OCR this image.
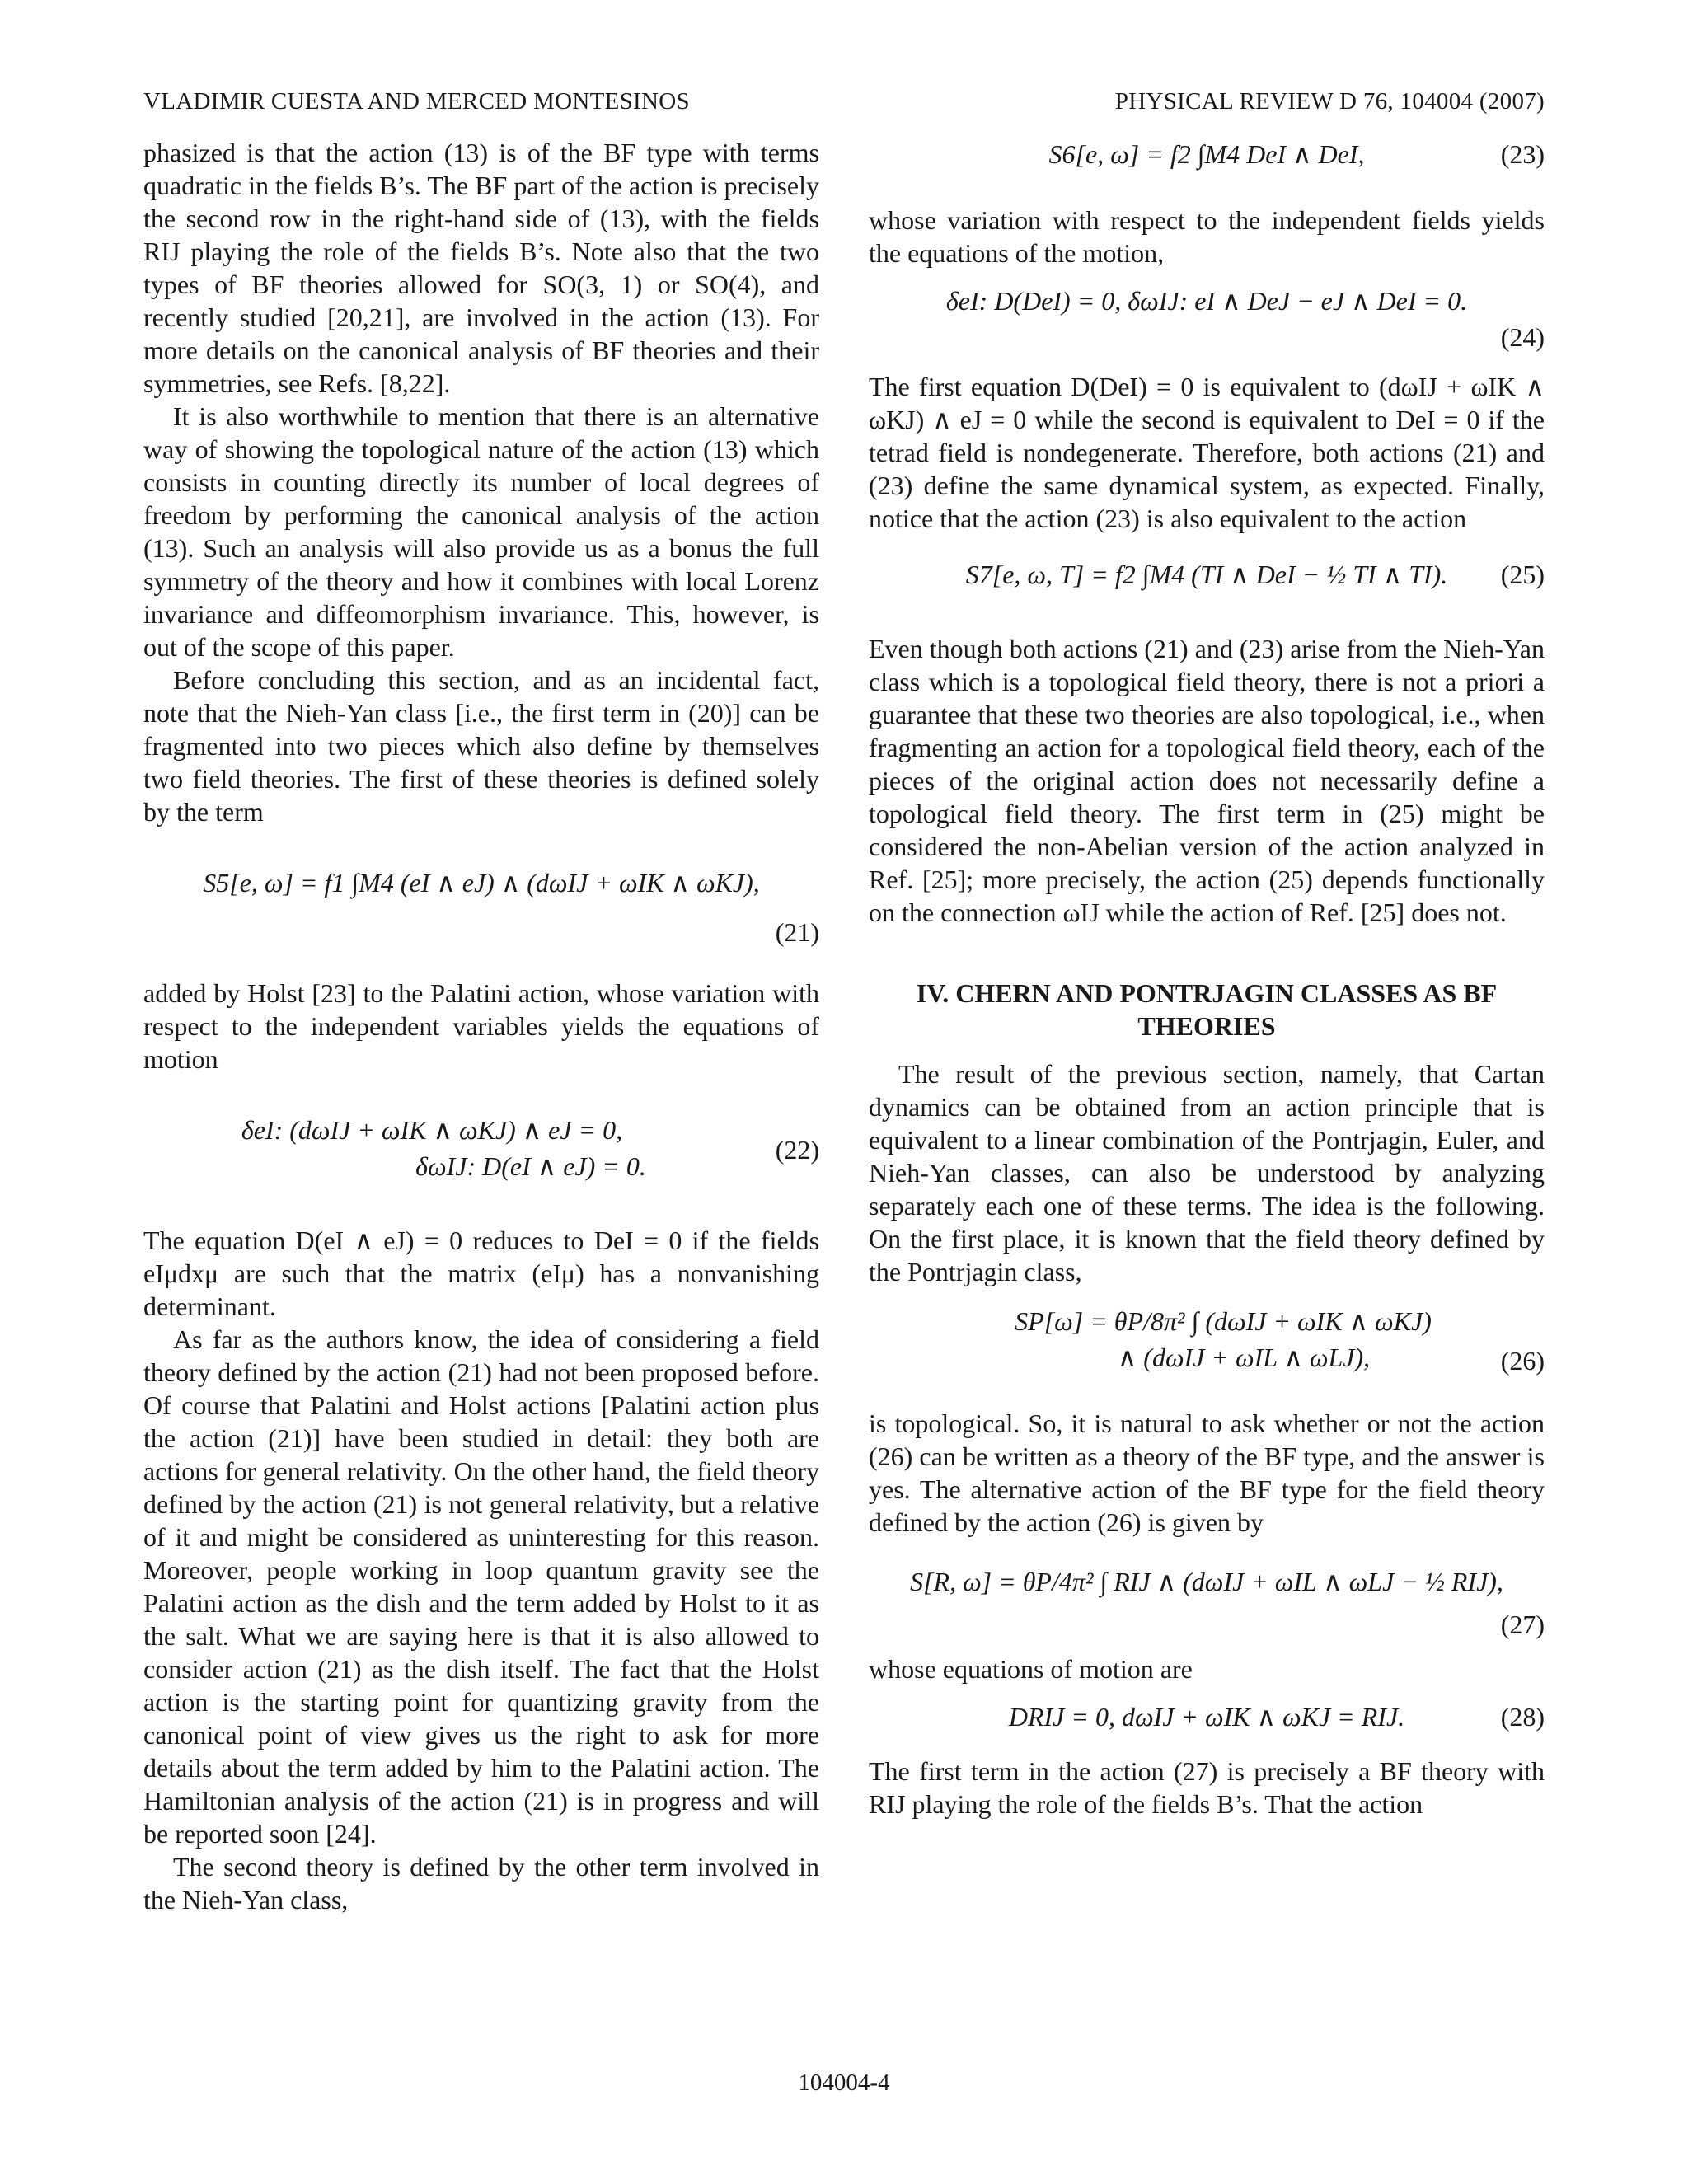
VLADIMIR CUESTA AND MERCED MONTESINOS	PHYSICAL REVIEW D 76, 104004 (2007)

phasized is that the action (13) is of the BF type with terms quadratic in the fields B’s. The BF part of the action is precisely the second row in the right-hand side of (13), with the fields RIJ playing the role of the fields B’s. Note also that the two types of BF theories allowed for SO(3, 1) or SO(4), and recently studied [20,21], are involved in the action (13). For more details on the canonical analysis of BF theories and their symmetries, see Refs. [8,22].

It is also worthwhile to mention that there is an alternative way of showing the topological nature of the action (13) which consists in counting directly its number of local degrees of freedom by performing the canonical analysis of the action (13). Such an analysis will also provide us as a bonus the full symmetry of the theory and how it combines with local Lorenz invariance and diffeomorphism invariance. This, however, is out of the scope of this paper.

Before concluding this section, and as an incidental fact, note that the Nieh-Yan class [i.e., the first term in (20)] can be fragmented into two pieces which also define by themselves two field theories. The first of these theories is defined solely by the term

S5[e, ω] = f1 ∫M4 (eI ∧ eJ) ∧ (dωIJ + ωIK ∧ ωKJ),
(21)

added by Holst [23] to the Palatini action, whose variation with respect to the independent variables yields the equations of motion

δeI: (dωIJ + ωIK ∧ ωKJ) ∧ eJ = 0,
δωIJ: D(eI ∧ eJ) = 0.
(22)

The equation D(eI ∧ eJ) = 0 reduces to DeI = 0 if the fields eIμdxμ are such that the matrix (eIμ) has a nonvanishing determinant.

As far as the authors know, the idea of considering a field theory defined by the action (21) had not been proposed before. Of course that Palatini and Holst actions [Palatini action plus the action (21)] have been studied in detail: they both are actions for general relativity. On the other hand, the field theory defined by the action (21) is not general relativity, but a relative of it and might be considered as uninteresting for this reason. Moreover, people working in loop quantum gravity see the Palatini action as the dish and the term added by Holst to it as the salt. What we are saying here is that it is also allowed to consider action (21) as the dish itself. The fact that the Holst action is the starting point for quantizing gravity from the canonical point of view gives us the right to ask for more details about the term added by him to the Palatini action. The Hamiltonian analysis of the action (21) is in progress and will be reported soon [24].

The second theory is defined by the other term involved in the Nieh-Yan class,

S6[e, ω] = f2 ∫M4 DeI ∧ DeI,	(23)

whose variation with respect to the independent fields yields the equations of the motion,

δeI: D(DeI) = 0, δωIJ: eI ∧ DeJ − eJ ∧ DeI = 0.
(24)

The first equation D(DeI) = 0 is equivalent to (dωIJ + ωIK ∧ ωKJ) ∧ eJ = 0 while the second is equivalent to DeI = 0 if the tetrad field is nondegenerate. Therefore, both actions (21) and (23) define the same dynamical system, as expected. Finally, notice that the action (23) is also equivalent to the action

S7[e, ω, T] = f2 ∫M4 (TI ∧ DeI − ½ TI ∧ TI).	(25)

Even though both actions (21) and (23) arise from the Nieh-Yan class which is a topological field theory, there is not a priori a guarantee that these two theories are also topological, i.e., when fragmenting an action for a topological field theory, each of the pieces of the original action does not necessarily define a topological field theory. The first term in (25) might be considered the non-Abelian version of the action analyzed in Ref. [25]; more precisely, the action (25) depends functionally on the connection ωIJ while the action of Ref. [25] does not.

IV. CHERN AND PONTRJAGIN CLASSES AS BF THEORIES

The result of the previous section, namely, that Cartan dynamics can be obtained from an action principle that is equivalent to a linear combination of the Pontrjagin, Euler, and Nieh-Yan classes, can also be understood by analyzing separately each one of these terms. The idea is the following. On the first place, it is known that the field theory defined by the Pontrjagin class,

SP[ω] = θP/8π² ∫ (dωIJ + ωIK ∧ ωKJ)
∧ (dωIJ + ωIL ∧ ωLJ),	(26)

is topological. So, it is natural to ask whether or not the action (26) can be written as a theory of the BF type, and the answer is yes. The alternative action of the BF type for the field theory defined by the action (26) is given by

S[R, ω] = θP/4π² ∫ RIJ ∧ (dωIJ + ωIL ∧ ωLJ − ½ RIJ),
(27)

whose equations of motion are

DRIJ = 0, dωIJ + ωIK ∧ ωKJ = RIJ.	(28)

The first term in the action (27) is precisely a BF theory with RIJ playing the role of the fields B’s. That the action

104004-4
